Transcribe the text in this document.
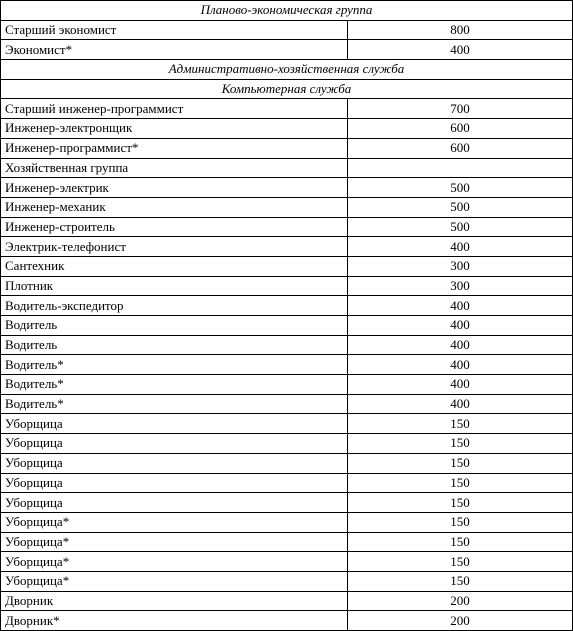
Планово-экономическая группа	
Старший экономист	800
Экономист*	400
Административно-хозяйственная служба	
Компьютерная служба	
Старший инженер-программист	700
Инженер-электронщик	600
Инженер-программист*	600
Хозяйственная группа	
Инженер-электрик	500
Инженер-механик	500
Инженер-строитель	500
Электрик-телефонист	400
Сантехник	300
Плотник	300
Водитель-экспедитор	400
Водитель	400
Водитель	400
Водитель*	400
Водитель*	400
Водитель*	400
Уборщица	150
Уборщица	150
Уборщица	150
Уборщица	150
Уборщица	150
Уборщица*	150
Уборщица*	150
Уборщица*	150
Уборщица*	150
Дворник	200
Дворник*	200
